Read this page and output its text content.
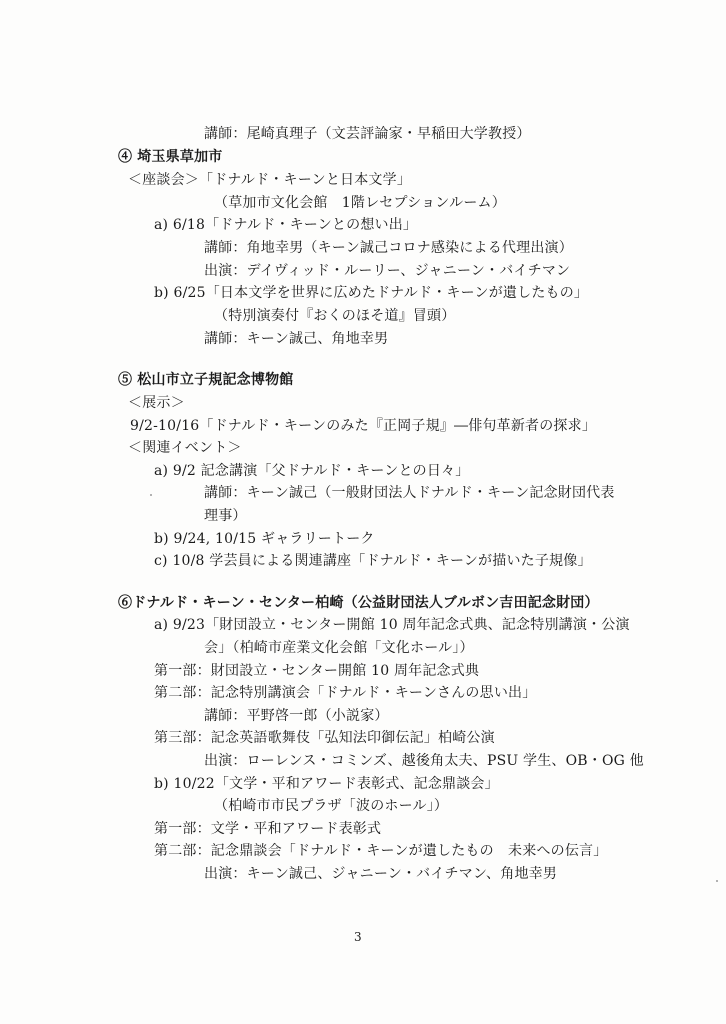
講師：尾崎真理子（文芸評論家・早稲田大学教授）
④ 埼玉県草加市
＜座談会＞「ドナルド・キーンと日本文学」
（草加市文化会館　1階レセプションルーム）
a) 6/18「ドナルド・キーンとの想い出」
講師：角地幸男（キーン誠己コロナ感染による代理出演）
出演：デイヴィッド・ルーリー、ジャニーン・バイチマン
b) 6/25「日本文学を世界に広めたドナルド・キーンが遺したもの」
（特別演奏付『おくのほそ道』冒頭）
講師：キーン誠己、角地幸男
⑤ 松山市立子規記念博物館
＜展示＞
9/2-10/16「ドナルド・キーンのみた『正岡子規』―俳句革新者の探求」
＜関連イベント＞
a) 9/2 記念講演「父ドナルド・キーンとの日々」
講師：キーン誠己（一般財団法人ドナルド・キーン記念財団代表
理事）
b) 9/24, 10/15 ギャラリートーク
c) 10/8 学芸員による関連講座「ドナルド・キーンが描いた子規像」
⑥ドナルド・キーン・センター柏崎（公益財団法人ブルボン吉田記念財団）
a) 9/23「財団設立・センター開館 10 周年記念式典、記念特別講演・公演
会」（柏崎市産業文化会館「文化ホール」）
第一部：財団設立・センター開館 10 周年記念式典
第二部：記念特別講演会「ドナルド・キーンさんの思い出」
講師：平野啓一郎（小説家）
第三部：記念英語歌舞伎「弘知法印御伝記」柏崎公演
出演：ローレンス・コミンズ、越後角太夫、PSU 学生、OB・OG 他
b) 10/22「文学・平和アワード表彰式、記念鼎談会」
（柏崎市市民プラザ「波のホール」）
第一部：文学・平和アワード表彰式
第二部：記念鼎談会「ドナルド・キーンが遺したもの　未来への伝言」
出演：キーン誠己、ジャニーン・バイチマン、角地幸男
3
